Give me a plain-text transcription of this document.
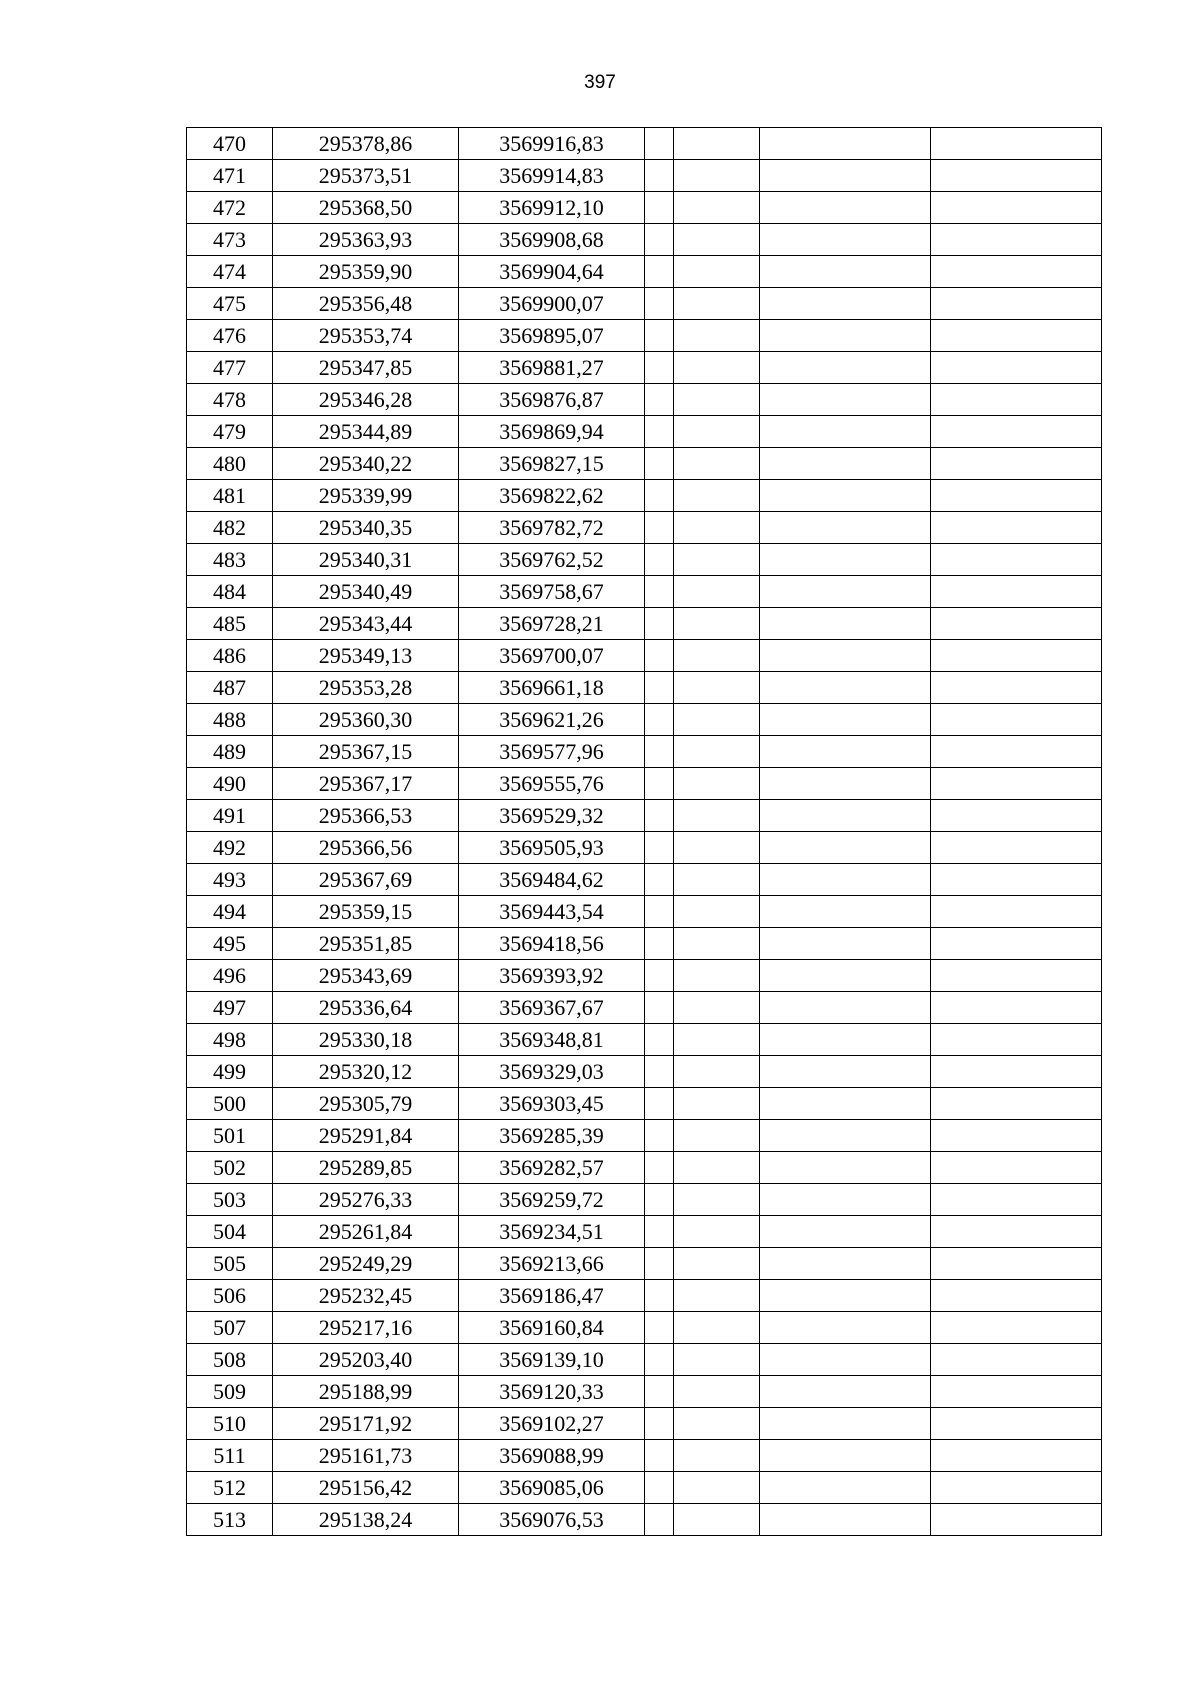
397
470	295378,86	3569916,83				
471	295373,51	3569914,83				
472	295368,50	3569912,10				
473	295363,93	3569908,68				
474	295359,90	3569904,64				
475	295356,48	3569900,07				
476	295353,74	3569895,07				
477	295347,85	3569881,27				
478	295346,28	3569876,87				
479	295344,89	3569869,94				
480	295340,22	3569827,15				
481	295339,99	3569822,62				
482	295340,35	3569782,72				
483	295340,31	3569762,52				
484	295340,49	3569758,67				
485	295343,44	3569728,21				
486	295349,13	3569700,07				
487	295353,28	3569661,18				
488	295360,30	3569621,26				
489	295367,15	3569577,96				
490	295367,17	3569555,76				
491	295366,53	3569529,32				
492	295366,56	3569505,93				
493	295367,69	3569484,62				
494	295359,15	3569443,54				
495	295351,85	3569418,56				
496	295343,69	3569393,92				
497	295336,64	3569367,67				
498	295330,18	3569348,81				
499	295320,12	3569329,03				
500	295305,79	3569303,45				
501	295291,84	3569285,39				
502	295289,85	3569282,57				
503	295276,33	3569259,72				
504	295261,84	3569234,51				
505	295249,29	3569213,66				
506	295232,45	3569186,47				
507	295217,16	3569160,84				
508	295203,40	3569139,10				
509	295188,99	3569120,33				
510	295171,92	3569102,27				
511	295161,73	3569088,99				
512	295156,42	3569085,06				
513	295138,24	3569076,53				
